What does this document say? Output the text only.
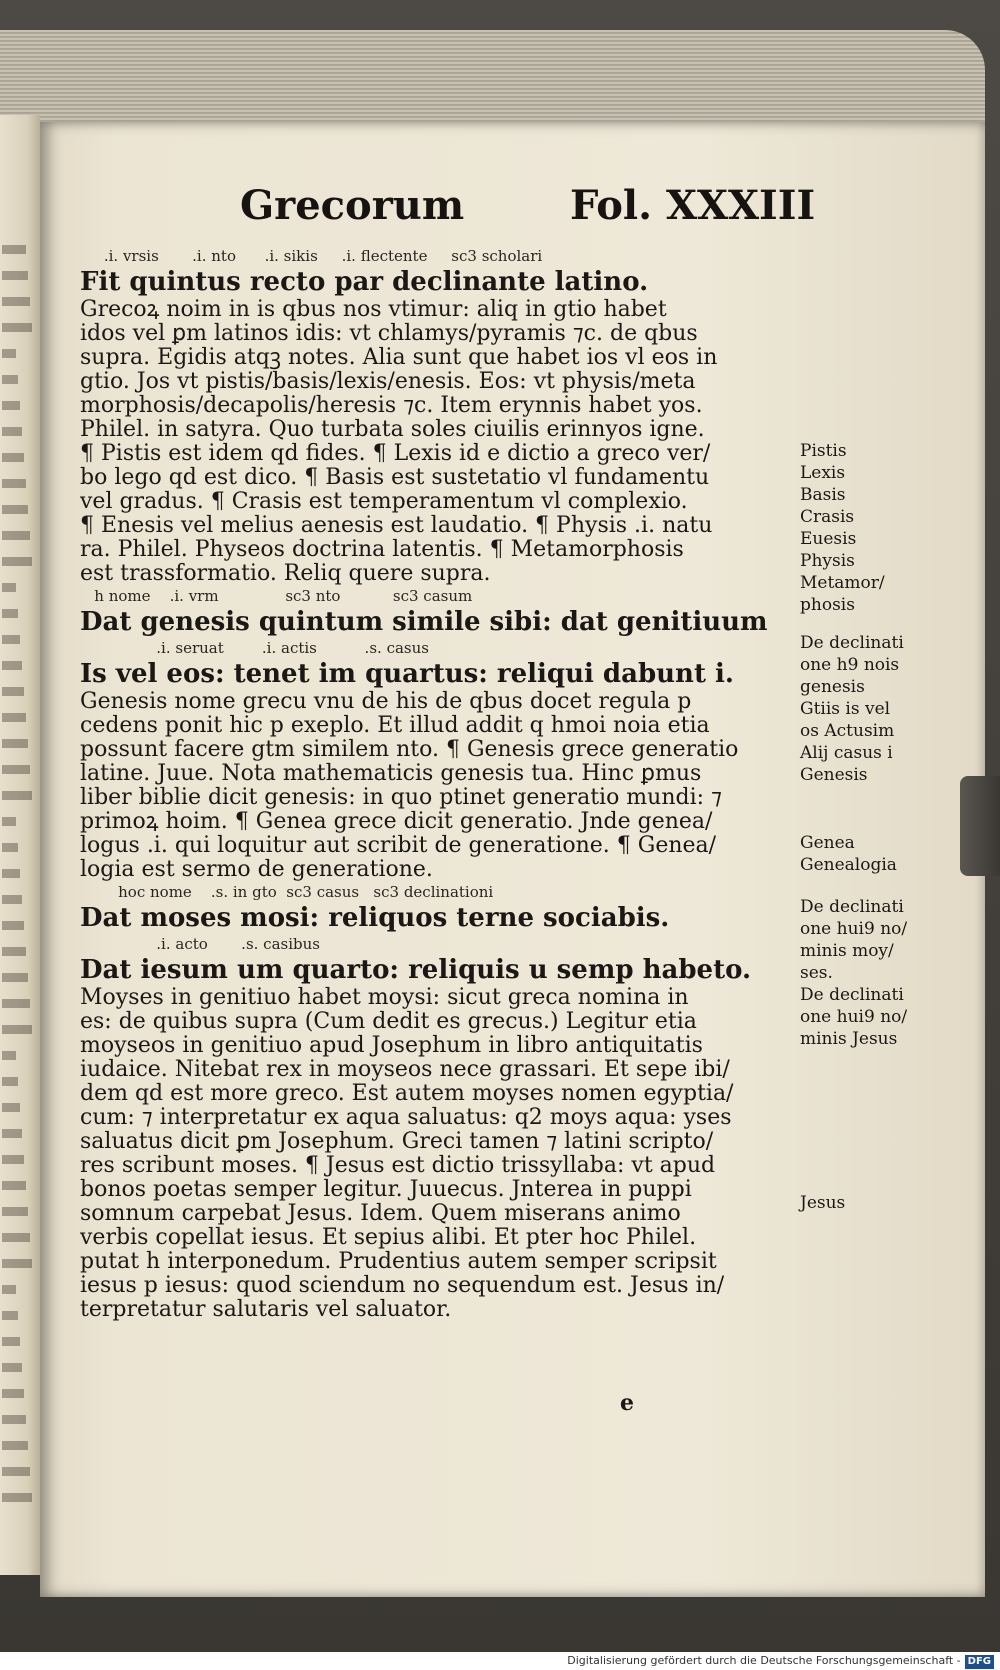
Grecorum	Fol. XXXIII
.i. vrsis       .i. nto      .i. sikis     .i. flectente     sc3 scholari
Fit quintus recto par declinante latino.
Grecoꝝ noim in is qbus nos vtimur: aliq in gtio habet
idos vel ꝑm latinos idis: vt chlamys/pyramis ⁊c. de qbus
supra. Egidis atqꝫ notes. Alia sunt que habet ios vl eos in
gtio. Jos vt pistis/basis/lexis/enesis. Eos: vt physis/meta
morphosis/decapolis/heresis ⁊c. Item erynnis habet yos.
Philel. in satyra. Quo turbata soles ciuilis erinnyos igne.
¶ Pistis est idem qd fides. ¶ Lexis id e dictio a greco ver/
bo lego qd est dico. ¶ Basis est sustetatio vl fundamentu
vel gradus. ¶ Crasis est temperamentum vl complexio.
¶ Enesis vel melius aenesis est laudatio. ¶ Physis .i. natu
ra. Philel. Physeos doctrina latentis. ¶ Metamorphosis
est trassformatio. Reliq quere supra.
h nome    .i. vrm              sc3 nto           sc3 casum
Dat genesis quintum simile sibi: dat genitiuum
.i. seruat        .i. actis          .s. casus
Is vel eos: tenet im quartus: reliqui dabunt i.
Genesis nome grecu vnu de his de qbus docet regula p
cedens ponit hic p exeplo. Et illud addit q hmoi noia etia
possunt facere gtm similem nto. ¶ Genesis grece generatio
latine. Juue. Nota mathematicis genesis tua. Hinc ꝑmus
liber biblie dicit genesis: in quo ptinet generatio mundi: ⁊
primoꝝ hoim. ¶ Genea grece dicit generatio. Jnde genea/
logus .i. qui loquitur aut scribit de generatione. ¶ Genea/
logia est sermo de generatione.
hoc nome    .s. in gto  sc3 casus   sc3 declinationi
Dat moses mosi: reliquos terne sociabis.
.i. acto       .s. casibus
Dat iesum um quarto: reliquis u semp habeto.
Moyses in genitiuo habet moysi: sicut greca nomina in
es: de quibus supra (Cum dedit es grecus.) Legitur etia
moyseos in genitiuo apud Josephum in libro antiquitatis
iudaice. Nitebat rex in moyseos nece grassari. Et sepe ibi/
dem qd est more greco. Est autem moyses nomen egyptia/
cum: ⁊ interpretatur ex aqua saluatus: q2 moys aqua: yses
saluatus dicit ꝑm Josephum. Greci tamen ⁊ latini scripto/
res scribunt moses. ¶ Jesus est dictio trissyllaba: vt apud
bonos poetas semper legitur. Juuecus. Jnterea in puppi
somnum carpebat Jesus. Idem. Quem miserans animo
verbis copellat iesus. Et sepius alibi. Et pter hoc Philel.
putat h interponedum. Prudentius autem semper scripsit
iesus p iesus: quod sciendum no sequendum est. Jesus in/
terpretatur salutaris vel saluator.
Pistis
Lexis
Basis
Crasis
Euesis
Physis
Metamor/
phosis
De declinati
one h9 nois
genesis
Gtiis is vel
os Actusim
Alij casus i
Genesis
Genea
Genealogia
De declinati
one hui9 no/
minis moy/
ses.
De declinati
one hui9 no/
minis Jesus
Jesus
e
Digitalisierung gefördert durch die Deutsche Forschungsgemeinschaft - DFG
